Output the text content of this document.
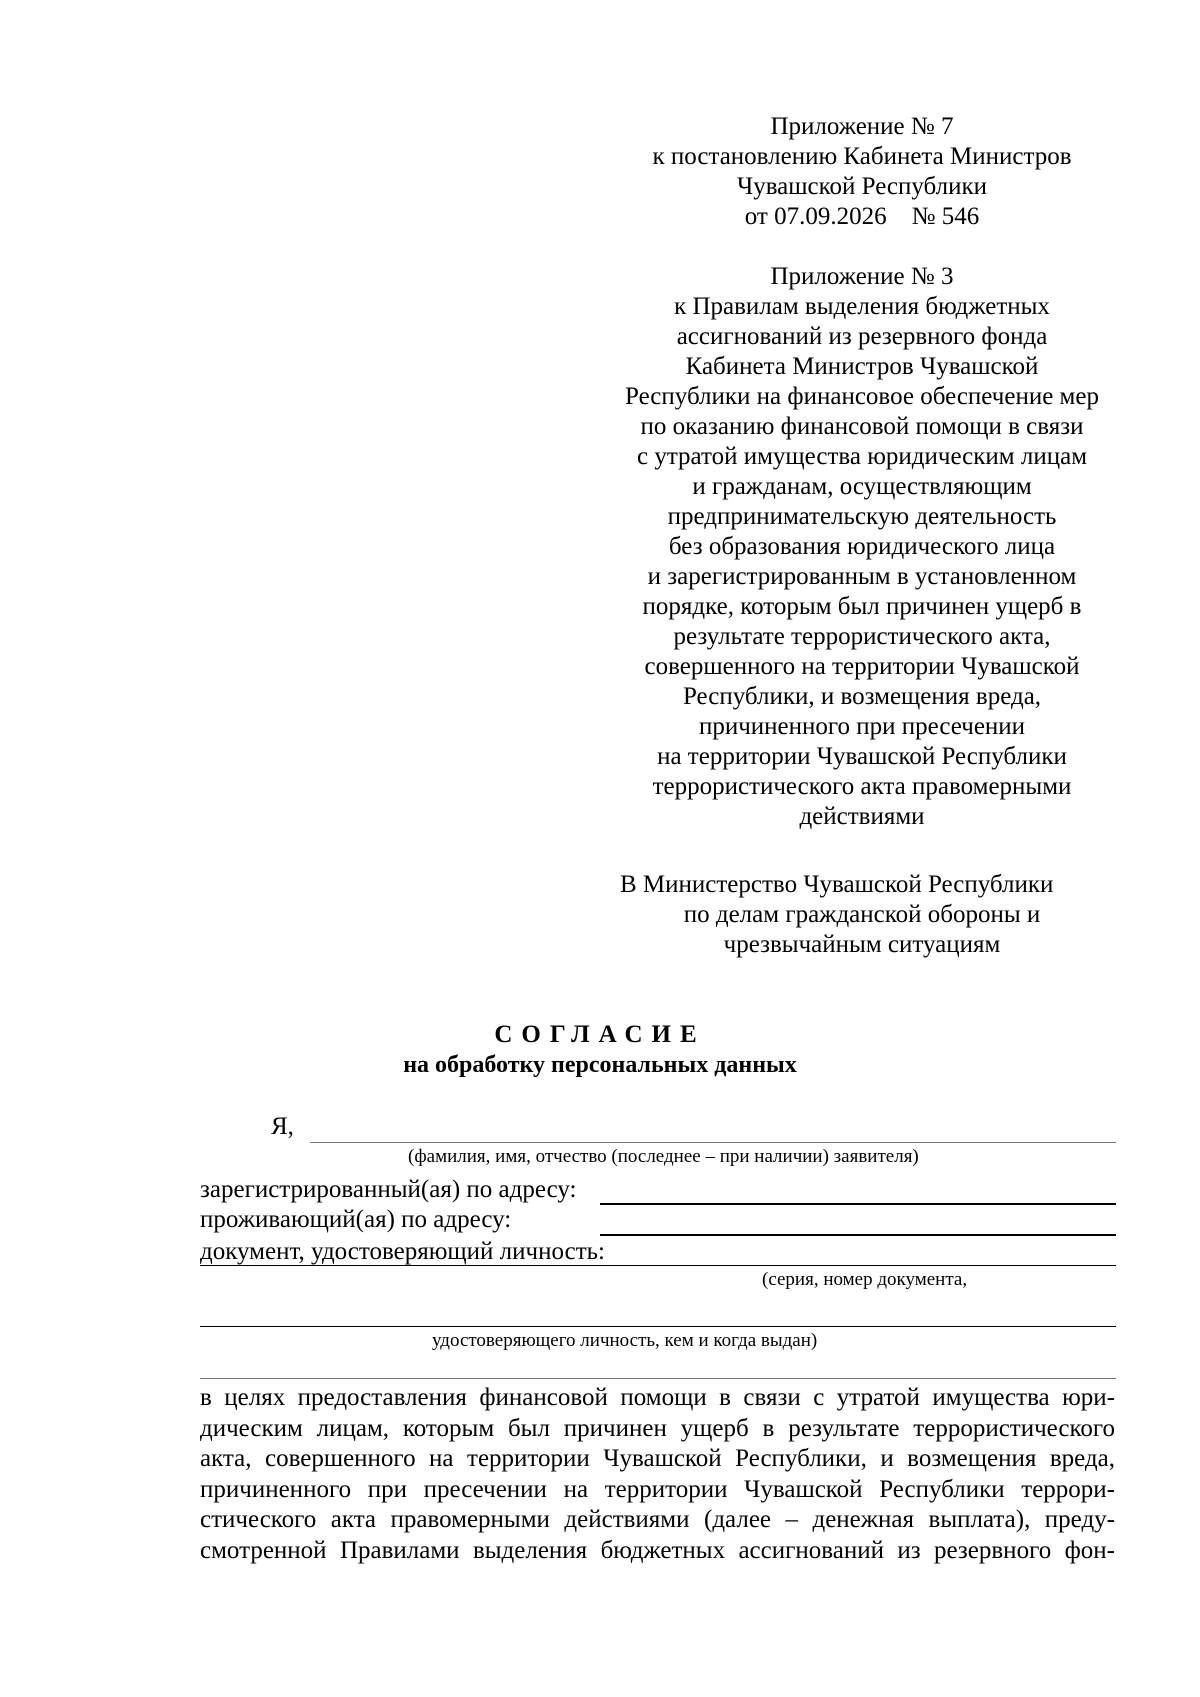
Приложение № 7
к постановлению Кабинета Министров
Чувашской Республики
от 07.09.2026    № 546
Приложение № 3
к Правилам выделения бюджетных
ассигнований из резервного фонда
Кабинета Министров Чувашской
Республики на финансовое обеспечение мер
по оказанию финансовой помощи в связи
с утратой имущества юридическим лицам
и гражданам, осуществляющим
предпринимательскую деятельность
без образования юридического лица
и зарегистрированным в установленном
порядке, которым был причинен ущерб в
результате террористического акта,
совершенного на территории Чувашской
Республики, и возмещения вреда,
причиненного при пресечении
на территории Чувашской Республики
террористического акта правомерными
действиями
В Министерство Чувашской Республики
по делам гражданской обороны и
чрезвычайным ситуациям
СОГЛАСИЕ
на обработку персональных данных
Я,
(фамилия, имя, отчество (последнее – при наличии) заявителя)
зарегистрированный(ая) по адресу:
проживающий(ая) по адресу:
документ, удостоверяющий личность:
(серия, номер документа,
удостоверяющего личность, кем и когда выдан)
в целях предоставления финансовой помощи в связи с утратой имущества юри-
дическим лицам, которым был причинен ущерб в результате террористического
акта, совершенного на территории Чувашской Республики, и возмещения вреда,
причиненного при пресечении на территории Чувашской Республики террори-
стического акта правомерными действиями (далее – денежная выплата), преду-
смотренной Правилами выделения бюджетных ассигнований из резервного фон-
